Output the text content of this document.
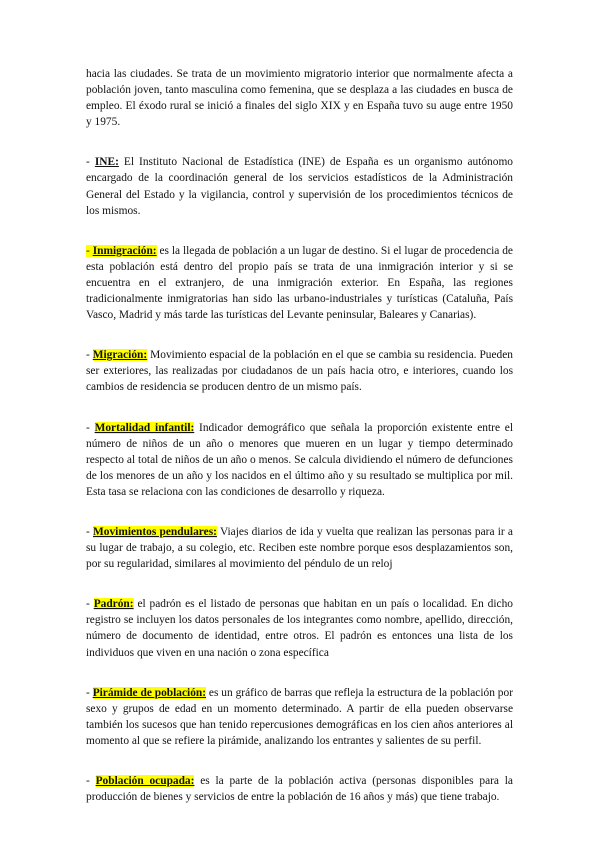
hacia las ciudades. Se trata de un movimiento migratorio interior que normalmente afecta a población joven, tanto masculina como femenina, que se desplaza a las ciudades en busca de empleo. El éxodo rural se inició a finales del siglo XIX y en España tuvo su auge entre 1950 y 1975.

- INE: El Instituto Nacional de Estadística (INE) de España es un organismo autónomo encargado de la coordinación general de los servicios estadísticos de la Administración General del Estado y la vigilancia, control y supervisión de los procedimientos técnicos de los mismos.

- Inmigración: es la llegada de población a un lugar de destino. Si el lugar de procedencia de esta población está dentro del propio país se trata de una inmigración interior y si se encuentra en el extranjero, de una inmigración exterior. En España, las regiones tradicionalmente inmigratorias han sido las urbano-industriales y turísticas (Cataluña, País Vasco, Madrid y más tarde las turísticas del Levante peninsular, Baleares y Canarias).

- Migración: Movimiento espacial de la población en el que se cambia su residencia. Pueden ser exteriores, las realizadas por ciudadanos de un país hacia otro, e interiores, cuando los cambios de residencia se producen dentro de un mismo país.

- Mortalidad infantil: Indicador demográfico que señala la proporción existente entre el número de niños de un año o menores que mueren en un lugar y tiempo determinado respecto al total de niños de un año o menos. Se calcula dividiendo el número de defunciones de los menores de un año y los nacidos en el último año y su resultado se multiplica por mil. Esta tasa se relaciona con las condiciones de desarrollo y riqueza.

- Movimientos pendulares: Viajes diarios de ida y vuelta que realizan las personas para ir a su lugar de trabajo, a su colegio, etc. Reciben este nombre porque esos desplazamientos son, por su regularidad, similares al movimiento del péndulo de un reloj

- Padrón: el padrón es el listado de personas que habitan en un país o localidad. En dicho registro se incluyen los datos personales de los integrantes como nombre, apellido, dirección, número de documento de identidad, entre otros. El padrón es entonces una lista de los individuos que viven en una nación o zona específica

- Pirámide de población: es un gráfico de barras que refleja la estructura de la población por sexo y grupos de edad en un momento determinado. A partir de ella pueden observarse también los sucesos que han tenido repercusiones demográficas en los cien años anteriores al momento al que se refiere la pirámide, analizando los entrantes y salientes de su perfil.

- Población ocupada: es la parte de la población activa (personas disponibles para la producción de bienes y servicios de entre la población de 16 años y más) que tiene trabajo.
